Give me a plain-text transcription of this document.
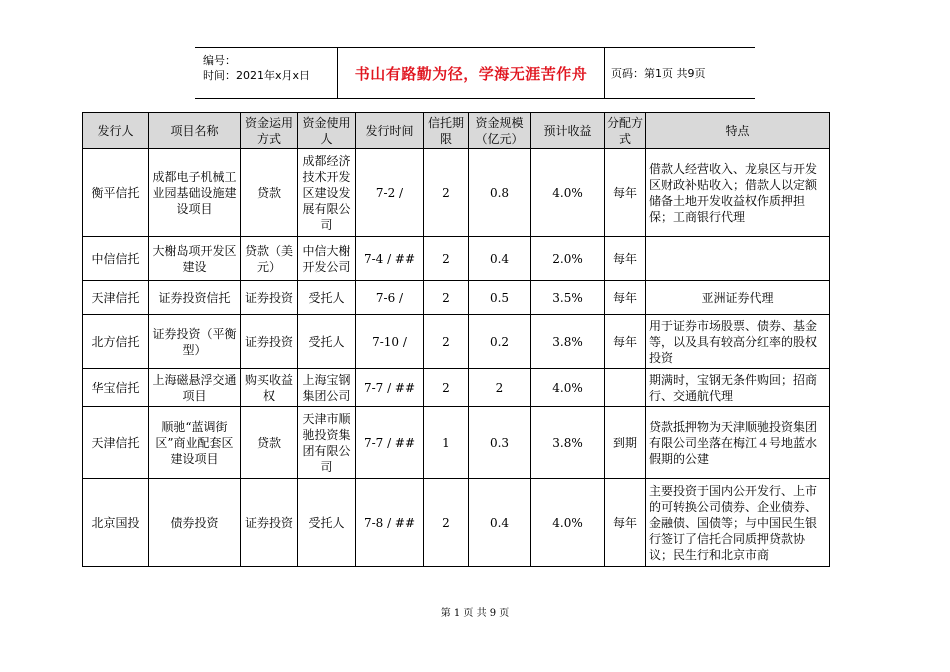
编号：
时间：2021年x月x日	书山有路勤为径，学海无涯苦作舟 页码：第1页 共9页
发行人	项目名称	资金运用方式	资金使用人	发行时间	信托期限	资金规模（亿元）	预计收益	分配方式	特点
衡平信托	成都电子机械工业园基础设施建设项目	贷款	成都经济技术开发区建设发展有限公司	7-2 /	2	0.8	4.0%	每年	借款人经营收入、龙泉区与开发区财政补贴收入；借款人以定额储备土地开发收益权作质押担保；工商银行代理
中信信托	大榭岛项开发区建设	贷款（美元）	中信大榭开发公司	7-4 / ##	2	0.4	2.0%	每年	
天津信托	证券投资信托	证券投资	受托人	7-6 /	2	0.5	3.5%	每年	亚洲证券代理
北方信托	证券投资（平衡型）	证券投资	受托人	7-10 /	2	0.2	3.8%	每年	用于证券市场股票、债券、基金等，以及具有较高分红率的股权投资
华宝信托	上海磁悬浮交通项目	购买收益权	上海宝钢集团公司	7-7 / ##	2	2	4.0%		期满时，宝钢无条件购回；招商行、交通航代理
天津信托	顺驰“蓝调街区”商业配套区建设项目	贷款	天津市顺驰投资集团有限公司	7-7 / ##	1	0.3	3.8%	到期	贷款抵押物为天津顺驰投资集团有限公司坐落在梅江４号地蓝水假期的公建
北京国投	债券投资	证券投资	受托人	7-8 / ##	2	0.4	4.0%	每年	主要投资于国内公开发行、上市的可转换公司债券、企业债券、金融债、国债等；与中国民生银行签订了信托合同质押贷款协议；民生行和北京市商
第 1 页 共 9 页
